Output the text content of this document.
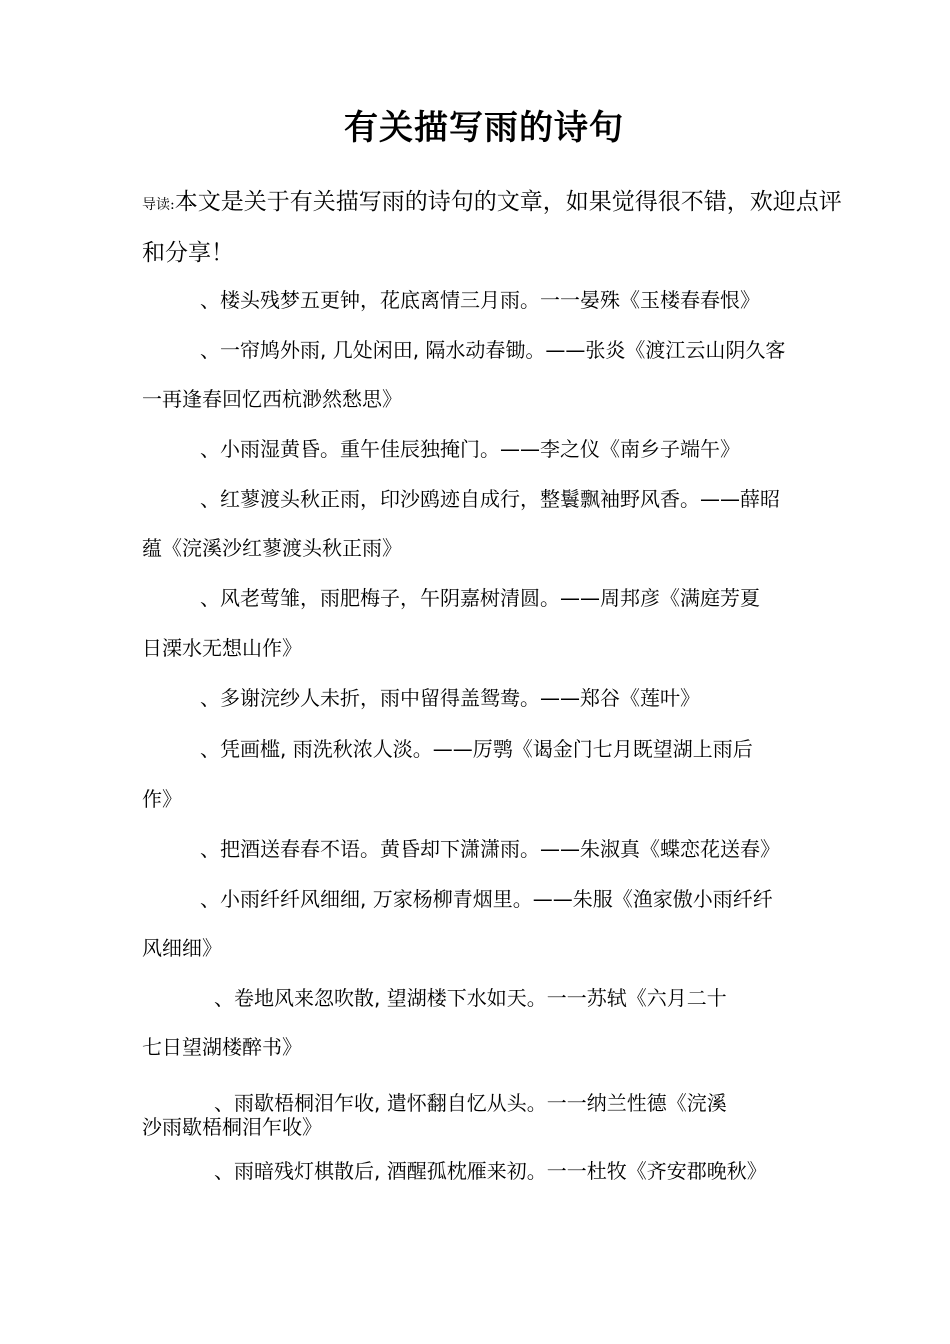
有关描写雨的诗句

导读:本文是关于有关描写雨的诗句的文章，如果觉得很不错，欢迎点评和分享！

、楼头残梦五更钟，花底离情三月雨。一一晏殊《玉楼春春恨》

、一帘鸠外雨, 几处闲田, 隔水动春锄。——张炎《渡江云山阴久客

一再逢春回忆西杭渺然愁思》

、小雨湿黄昏。重午佳辰独掩门。——李之仪《南乡子端午》

、红蓼渡头秋正雨，印沙鸥迹自成行，整鬟飘袖野风香。——薛昭

蕴《浣溪沙红蓼渡头秋正雨》

、风老莺雏，雨肥梅子，午阴嘉树清圆。——周邦彦《满庭芳夏

日溧水无想山作》

、多谢浣纱人未折，雨中留得盖鸳鸯。——郑谷《莲叶》

、凭画槛, 雨洗秋浓人淡。——厉鹗《谒金门七月既望湖上雨后

作》

、把酒送春春不语。黄昏却下潇潇雨。——朱淑真《蝶恋花送春》

、小雨纤纤风细细, 万家杨柳青烟里。——朱服《渔家傲小雨纤纤

风细细》

、卷地风来忽吹散, 望湖楼下水如天。一一苏轼《六月二十

七日望湖楼醉书》

、雨歇梧桐泪乍收, 遣怀翻自忆从头。一一纳兰性德《浣溪

沙雨歇梧桐泪乍收》

、雨暗残灯棋散后, 酒醒孤枕雁来初。一一杜牧《齐安郡晚秋》
